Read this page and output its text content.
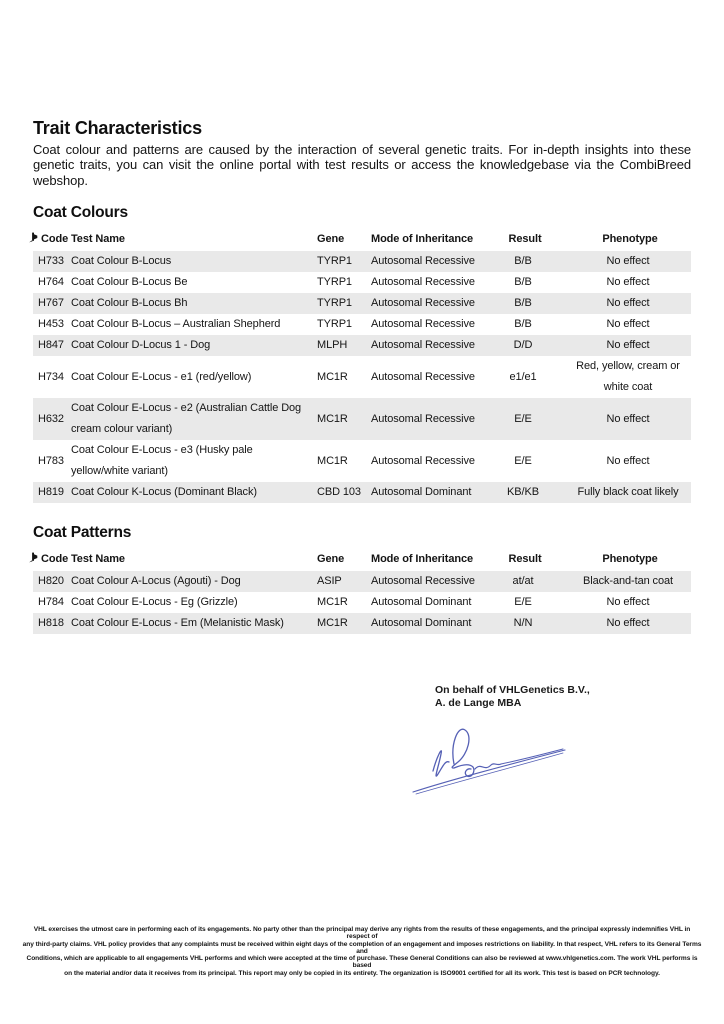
Trait Characteristics

Coat colour and patterns are caused by the interaction of several genetic traits. For in-depth insights into these genetic traits, you can visit the online portal with test results or access the knowledgebase via the CombiBreed webshop.

Coat Colours
Code	Test Name	Gene	Mode of Inheritance	Result	Phenotype
H733	Coat Colour B-Locus	TYRP1	Autosomal Recessive	B/B	No effect
H764	Coat Colour B-Locus Be	TYRP1	Autosomal Recessive	B/B	No effect
H767	Coat Colour B-Locus Bh	TYRP1	Autosomal Recessive	B/B	No effect
H453	Coat Colour B-Locus – Australian Shepherd	TYRP1	Autosomal Recessive	B/B	No effect
H847	Coat Colour D-Locus 1 - Dog	MLPH	Autosomal Recessive	D/D	No effect
H734	Coat Colour E-Locus - e1 (red/yellow)	MC1R	Autosomal Recessive	e1/e1	Red, yellow, cream or white coat
H632	Coat Colour E-Locus - e2 (Australian Cattle Dog cream colour variant)	MC1R	Autosomal Recessive	E/E	No effect
H783	Coat Colour E-Locus - e3 (Husky pale yellow/white variant)	MC1R	Autosomal Recessive	E/E	No effect
H819	Coat Colour K-Locus (Dominant Black)	CBD 103	Autosomal Dominant	KB/KB	Fully black coat likely
Coat Patterns
Code	Test Name	Gene	Mode of Inheritance	Result	Phenotype
H820	Coat Colour A-Locus (Agouti) - Dog	ASIP	Autosomal Recessive	at/at	Black-and-tan coat
H784	Coat Colour E-Locus - Eg (Grizzle)	MC1R	Autosomal Dominant	E/E	No effect
H818	Coat Colour E-Locus - Em (Melanistic Mask)	MC1R	Autosomal Dominant	N/N	No effect
On behalf of VHLGenetics B.V.,
A. de Lange MBA
VHL exercises the utmost care in performing each of its engagements. No party other than the principal may derive any rights from the results of these engagements, and the principal expressly indemnifies VHL in respect of
any third-party claims. VHL policy provides that any complaints must be received within eight days of the completion of an engagement and imposes restrictions on liability. In that respect, VHL refers to its General Terms and
Conditions, which are applicable to all engagements VHL performs and which were accepted at the time of purchase. These General Conditions can also be reviewed at www.vhlgenetics.com. The work VHL performs is based
on the material and/or data it receives from its principal. This report may only be copied in its entirety. The organization is ISO9001 certified for all its work. This test is based on PCR technology.
